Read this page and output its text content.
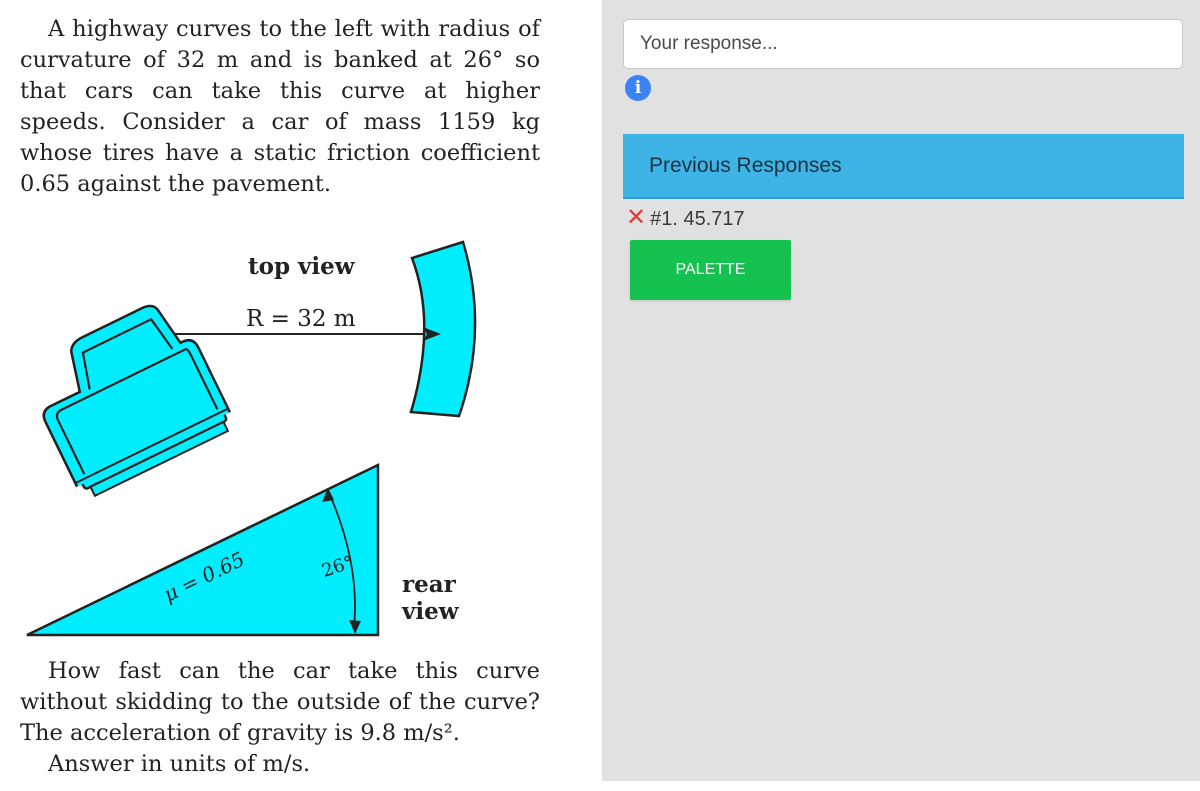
A highway curves to the left with radius of curvature of 32 m and is banked at 26° so that cars can take this curve at higher speeds. Consider a car of mass 1159 kg whose tires have a static friction coefficient 0.65 against the pavement.

top view
R = 32 m
26°
μ = 0.65	rear
view

How fast can the car take this curve without skidding to the outside of the curve? The acceleration of gravity is 9.8 m/s².

Answer in units of m/s.

Your response...
i
Previous Responses
✕ #1. 45.717
PALETTE
